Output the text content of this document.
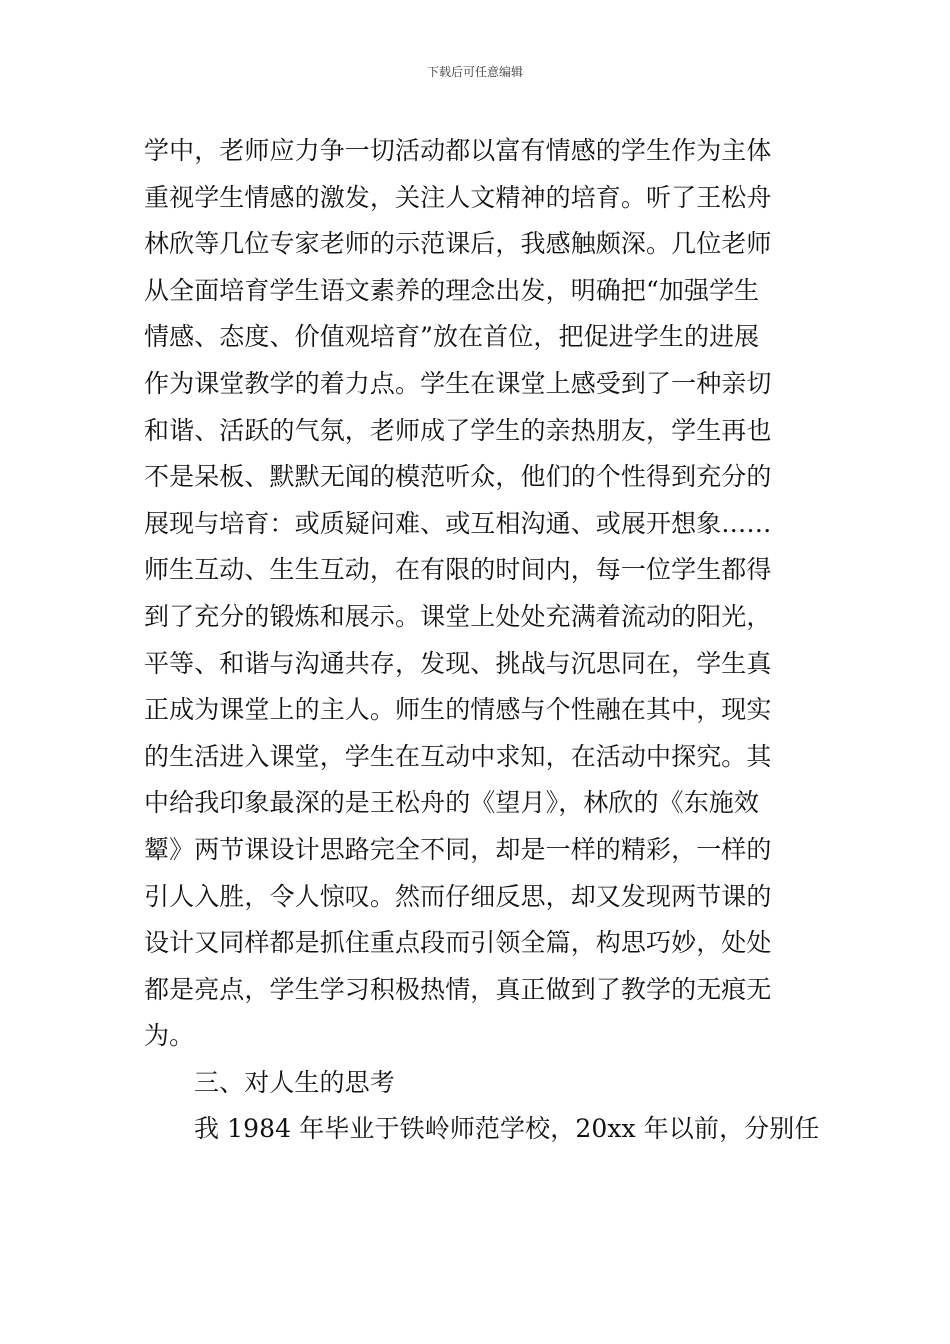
下载后可任意编辑
学中，老师应力争一切活动都以富有情感的学生作为主体
重视学生情感的激发，关注人文精神的培育。听了王松舟
林欣等几位专家老师的示范课后，我感触颇深。几位老师
从全面培育学生语文素养的理念出发，明确把“加强学生
情感、态度、价值观培育”放在首位，把促进学生的进展
作为课堂教学的着力点。学生在课堂上感受到了一种亲切
和谐、活跃的气氛，老师成了学生的亲热朋友，学生再也
不是呆板、默默无闻的模范听众，他们的个性得到充分的
展现与培育：或质疑问难、或互相沟通、或展开想象……
师生互动、生生互动，在有限的时间内，每一位学生都得
到了充分的锻炼和展示。课堂上处处充满着流动的阳光，
平等、和谐与沟通共存，发现、挑战与沉思同在，学生真
正成为课堂上的主人。师生的情感与个性融在其中，现实
的生活进入课堂，学生在互动中求知，在活动中探究。其
中给我印象最深的是王松舟的《望月》，林欣的《东施效
颦》两节课设计思路完全不同，却是一样的精彩，一样的
引人入胜，令人惊叹。然而仔细反思，却又发现两节课的
设计又同样都是抓住重点段而引领全篇，构思巧妙，处处
都是亮点，学生学习积极热情，真正做到了教学的无痕无
为。
三、对人生的思考
我 1984 年毕业于铁岭师范学校，20xx 年以前，分别任
